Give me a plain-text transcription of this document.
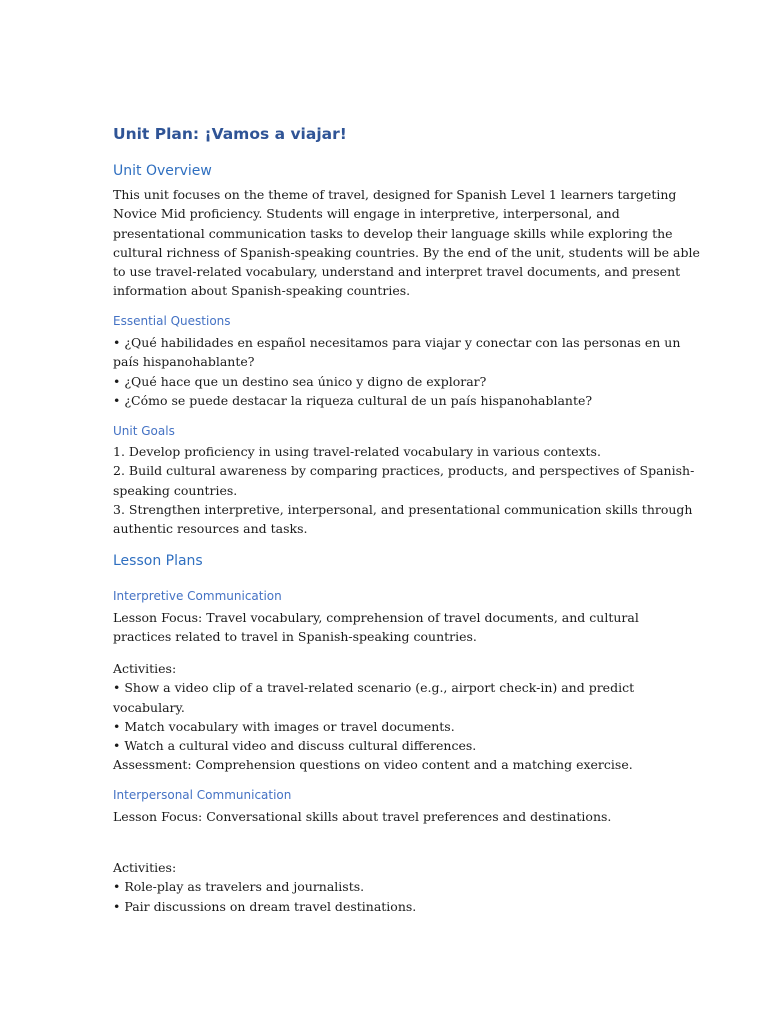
Unit Plan: ¡Vamos a viajar!
Unit Overview
This unit focuses on the theme of travel, designed for Spanish Level 1 learners targeting
Novice Mid proficiency. Students will engage in interpretive, interpersonal, and
presentational communication tasks to develop their language skills while exploring the
cultural richness of Spanish-speaking countries. By the end of the unit, students will be able
to use travel-related vocabulary, understand and interpret travel documents, and present
information about Spanish-speaking countries.
Essential Questions
• ¿Qué habilidades en español necesitamos para viajar y conectar con las personas en un
país hispanohablante?
• ¿Qué hace que un destino sea único y digno de explorar?
• ¿Cómo se puede destacar la riqueza cultural de un país hispanohablante?
Unit Goals
1. Develop proficiency in using travel-related vocabulary in various contexts.
2. Build cultural awareness by comparing practices, products, and perspectives of Spanish-
speaking countries.
3. Strengthen interpretive, interpersonal, and presentational communication skills through
authentic resources and tasks.
Lesson Plans
Interpretive Communication
Lesson Focus: Travel vocabulary, comprehension of travel documents, and cultural
practices related to travel in Spanish-speaking countries.
Activities:
• Show a video clip of a travel-related scenario (e.g., airport check-in) and predict
vocabulary.
• Match vocabulary with images or travel documents.
• Watch a cultural video and discuss cultural differences.
Assessment: Comprehension questions on video content and a matching exercise.
Interpersonal Communication
Lesson Focus: Conversational skills about travel preferences and destinations.
Activities:
• Role-play as travelers and journalists.
• Pair discussions on dream travel destinations.
